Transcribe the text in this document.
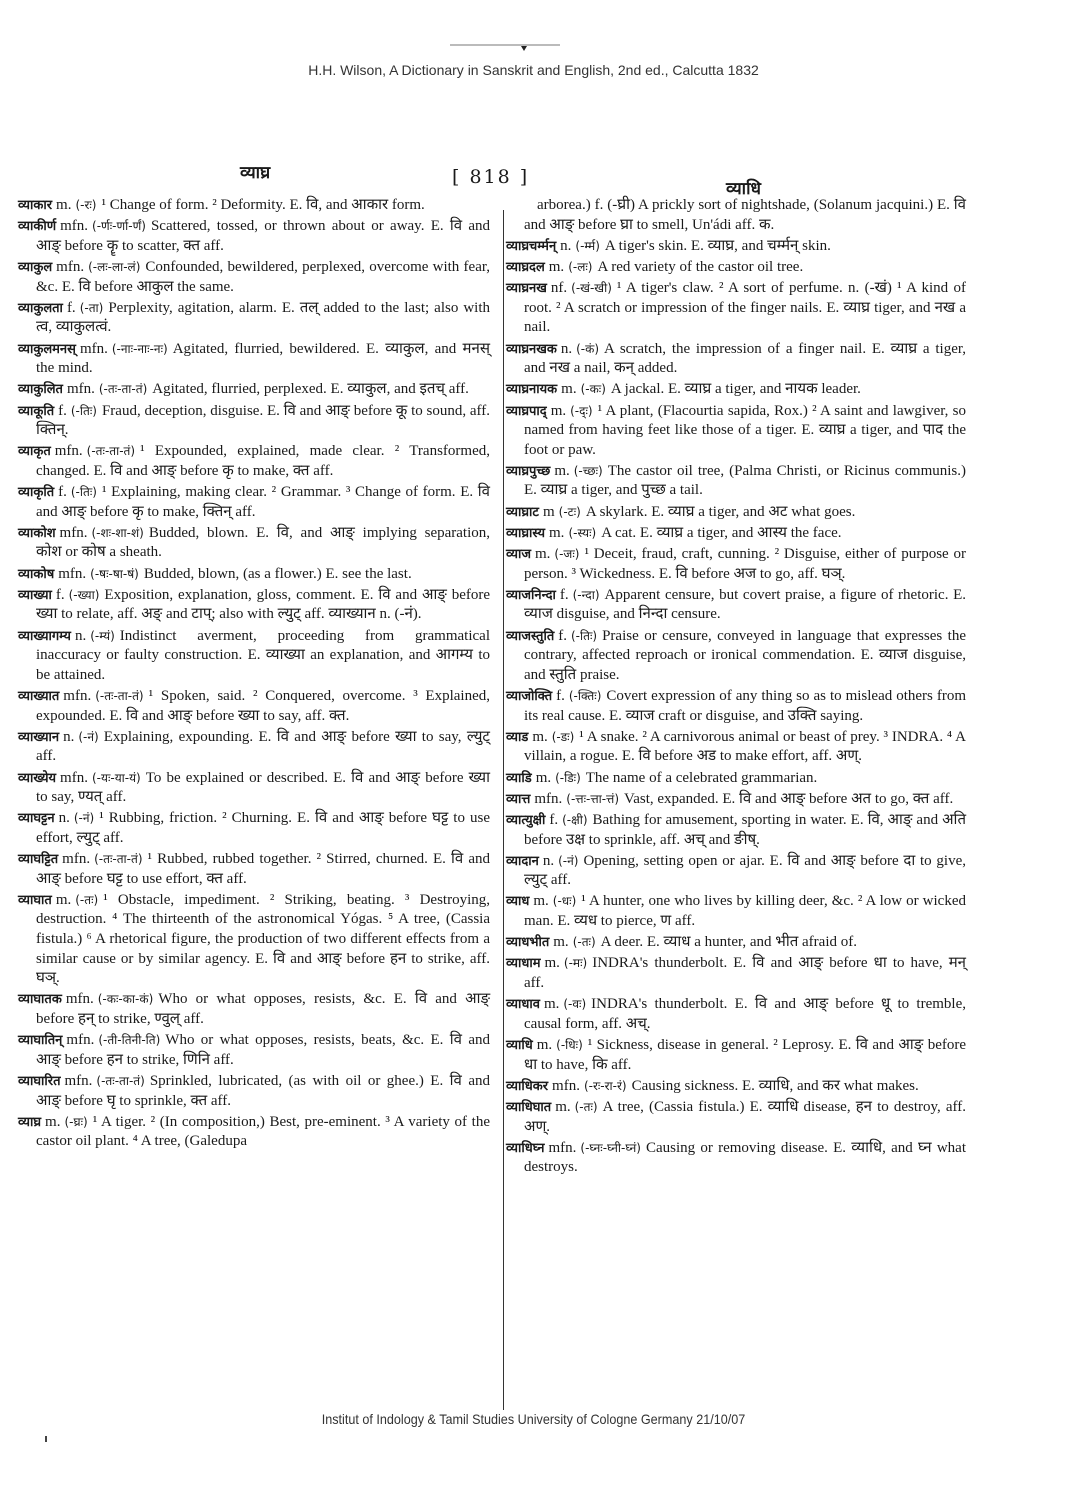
H.H. Wilson, A Dictionary in Sanskrit and English, 2nd ed., Calcutta 1832
व्याघ्र	[ 818 ]
व्याधि

व्याकार m. (-रः) ¹ Change of form. ² Deformity. E. वि, and आकार form.

व्याकीर्ण mfn. (-र्णः-र्णा-र्णं) Scattered, tossed, or thrown about or away. E. वि and आङ् before कॄ to scatter, क्त aff.

व्याकुल mfn. (-लः-ला-लं) Confounded, bewildered, perplexed, overcome with fear, &c. E. वि before आकुल the same.

व्याकुलता f. (-ता) Perplexity, agitation, alarm. E. तल् added to the last; also with त्व, व्याकुलत्वं.

व्याकुलमनस् mfn. (-नाः-नाः-नः) Agitated, flurried, bewildered. E. व्याकुल, and मनस् the mind.

व्याकुलित mfn. (-तः-ता-तं) Agitated, flurried, perplexed. E. व्याकुल, and इतच् aff.

व्याकूति f. (-तिः) Fraud, deception, disguise. E. वि and आङ् before कू to sound, aff. क्तिन्.

व्याकृत mfn. (-तः-ता-तं) ¹ Expounded, explained, made clear. ² Transformed, changed. E. वि and आङ् before कृ to make, क्त aff.

व्याकृति f. (-तिः) ¹ Explaining, making clear. ² Grammar. ³ Change of form. E. वि and आङ् before कृ to make, क्तिन् aff.

व्याकोश mfn. (-शः-शा-शं) Budded, blown. E. वि, and आङ् implying separation, कोश or कोष a sheath.

व्याकोष mfn. (-षः-षा-षं) Budded, blown, (as a flower.) E. see the last.

व्याख्या f. (-ख्या) Exposition, explanation, gloss, comment. E. वि and आङ् before ख्या to relate, aff. अङ् and टाप्; also with ल्युट् aff. व्याख्यान n. (-नं).

व्याख्यागम्य n. (-म्यं) Indistinct averment, proceeding from grammatical inaccuracy or faulty construction. E. व्याख्या an explanation, and आगम्य to be attained.

व्याख्यात mfn. (-तः-ता-तं) ¹ Spoken, said. ² Conquered, overcome. ³ Explained, expounded. E. वि and आङ् before ख्या to say, aff. क्त.

व्याख्यान n. (-नं) Explaining, expounding. E. वि and आङ् before ख्या to say, ल्युट् aff.

व्याख्येय mfn. (-यः-या-यं) To be explained or described. E. वि and आङ् before ख्या to say, ण्यत् aff.

व्याघट्टन n. (-नं) ¹ Rubbing, friction. ² Churning. E. वि and आङ् before घट्ट to use effort, ल्युट् aff.

व्याघट्टित mfn. (-तः-ता-तं) ¹ Rubbed, rubbed together. ² Stirred, churned. E. वि and आङ् before घट्ट to use effort, क्त aff.

व्याघात m. (-तः) ¹ Obstacle, impediment. ² Striking, beating. ³ Destroying, destruction. ⁴ The thirteenth of the astronomical Yógas. ⁵ A tree, (Cassia fistula.) ⁶ A rhetorical figure, the production of two different effects from a similar cause or by similar agency. E. वि and आङ् before हन to strike, aff. घञ्.

व्याघातक mfn. (-कः-का-कं) Who or what opposes, resists, &c. E. वि and आङ् before हन् to strike, ण्वुल् aff.

व्याघातिन् mfn. (-ती-तिनी-ति) Who or what opposes, resists, beats, &c. E. वि and आङ् before हन to strike, णिनि aff.

व्याघारित mfn. (-तः-ता-तं) Sprinkled, lubricated, (as with oil or ghee.) E. वि and आङ् before घृ to sprinkle, क्त aff.

व्याघ्र m. (-घ्रः) ¹ A tiger. ² (In composition,) Best, pre-eminent. ³ A variety of the castor oil plant. ⁴ A tree, (Galedupa

arborea.) f. (-घ्री) A prickly sort of nightshade, (Solanum jacquini.) E. वि and आङ् before घ्रा to smell, Un'ádi aff. क.

व्याघ्रचर्म्मन् n. (-र्म्म) A tiger's skin. E. व्याघ्र, and चर्म्मन् skin.

व्याघ्रदल m. (-लः) A red variety of the castor oil tree.

व्याघ्रनख nf. (-खं-खी) ¹ A tiger's claw. ² A sort of perfume. n. (-खं) ¹ A kind of root. ² A scratch or impression of the finger nails. E. व्याघ्र tiger, and नख a nail.

व्याघ्रनखक n. (-कं) A scratch, the impression of a finger nail. E. व्याघ्र a tiger, and नख a nail, कन् added.

व्याघ्रनायक m. (-कः) A jackal. E. व्याघ्र a tiger, and नायक leader.

व्याघ्रपाद् m. (-द्ः) ¹ A plant, (Flacourtia sapida, Rox.) ² A saint and lawgiver, so named from having feet like those of a tiger. E. व्याघ्र a tiger, and पाद the foot or paw.

व्याघ्रपुच्छ m. (-च्छः) The castor oil tree, (Palma Christi, or Ricinus communis.) E. व्याघ्र a tiger, and पुच्छ a tail.

व्याघ्राट m (-टः) A skylark. E. व्याघ्र a tiger, and अट what goes.

व्याघ्रास्य m. (-स्यः) A cat. E. व्याघ्र a tiger, and आस्य the face.

व्याज m. (-जः) ¹ Deceit, fraud, craft, cunning. ² Disguise, either of purpose or person. ³ Wickedness. E. वि before अज to go, aff. घञ्.

व्याजनिन्दा f. (-न्दा) Apparent censure, but covert praise, a figure of rhetoric. E. व्याज disguise, and निन्दा censure.

व्याजस्तुति f. (-तिः) Praise or censure, conveyed in language that expresses the contrary, affected reproach or ironical commendation. E. व्याज disguise, and स्तुति praise.

व्याजोक्ति f. (-क्तिः) Covert expression of any thing so as to mislead others from its real cause. E. व्याज craft or disguise, and उक्ति saying.

व्याड m. (-डः) ¹ A snake. ² A carnivorous animal or beast of prey. ³ INDRA. ⁴ A villain, a rogue. E. वि before अड to make effort, aff. अण्.

व्याडि m. (-डिः) The name of a celebrated grammarian.

व्यात्त mfn. (-त्तः-त्ता-त्तं) Vast, expanded. E. वि and आङ् before अत to go, क्त aff.

व्यात्युक्षी f. (-क्षी) Bathing for amusement, sporting in water. E. वि, आङ् and अति before उक्ष to sprinkle, aff. अच् and ङीष्.

व्यादान n. (-नं) Opening, setting open or ajar. E. वि and आङ् before दा to give, ल्युट् aff.

व्याध m. (-धः) ¹ A hunter, one who lives by killing deer, &c. ² A low or wicked man. E. व्यध to pierce, ण aff.

व्याधभीत m. (-तः) A deer. E. व्याध a hunter, and भीत afraid of.

व्याधाम m. (-मः) INDRA's thunderbolt. E. वि and आङ् before धा to have, मन् aff.

व्याधाव m. (-वः) INDRA's thunderbolt. E. वि and आङ् before धू to tremble, causal form, aff. अच्.

व्याधि m. (-धिः) ¹ Sickness, disease in general. ² Leprosy. E. वि and आङ् before धा to have, कि aff.

व्याधिकर mfn. (-रः-रा-रं) Causing sickness. E. व्याधि, and कर what makes.

व्याधिघात m. (-तः) A tree, (Cassia fistula.) E. व्याधि disease, हन to destroy, aff. अण्.

व्याधिघ्न mfn. (-घ्नः-घ्नी-घ्नं) Causing or removing disease. E. व्याधि, and घ्न what destroys.

Institut of Indology & Tamil Studies University of Cologne Germany 21/10/07
